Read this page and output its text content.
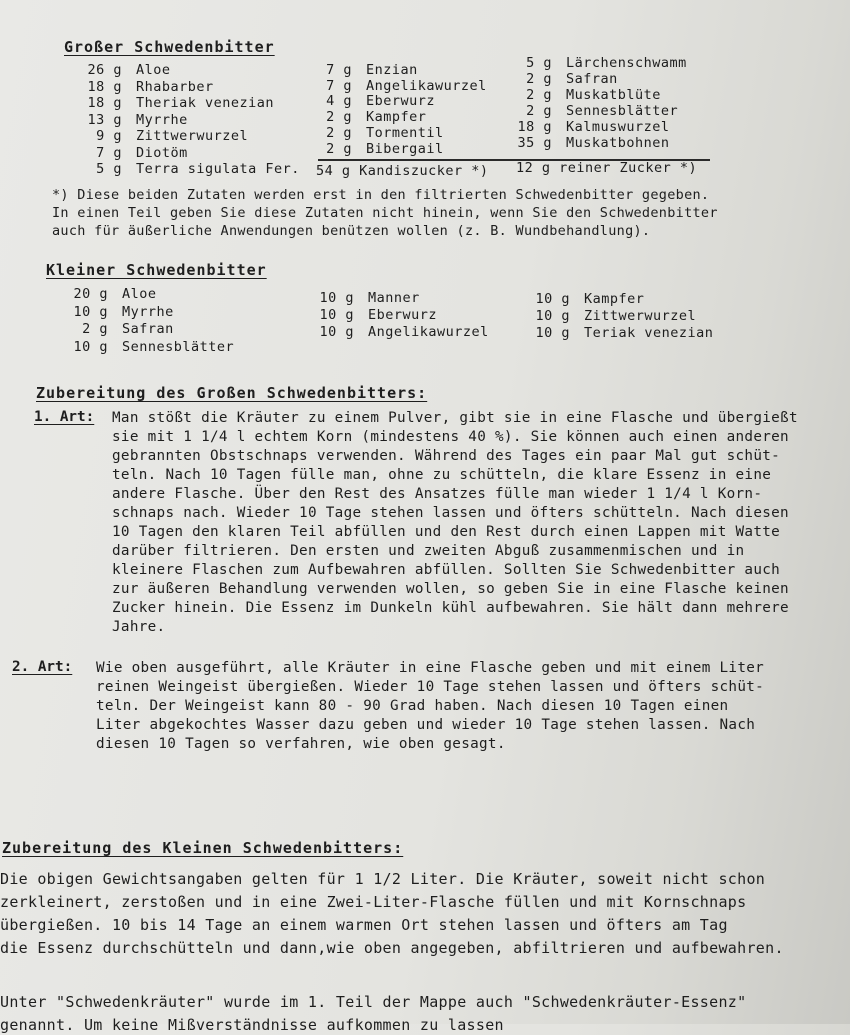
Großer Schwedenbitter
26 g Aloe
18 g Rhabarber
18 g Theriak venezian
13 g Myrrhe
9 g Zittwerwurzel
7 g Diotöm
5 g Terra sigulata Fer.
7 g Enzian
7 g Angelikawurzel
4 g Eberwurz
2 g Kampfer
2 g Tormentil
2 g Bibergail
5 g Lärchenschwamm
2 g Safran
2 g Muskatblüte
2 g Sennesblätter
18 g Kalmuswurzel
35 g Muskatbohnen
54 g Kandiszucker *) 12 g reiner Zucker *)
*) Diese beiden Zutaten werden erst in den filtrierten Schwedenbitter gegeben.
In einen Teil geben Sie diese Zutaten nicht hinein, wenn Sie den Schwedenbitter
auch für äußerliche Anwendungen benützen wollen (z. B. Wundbehandlung).
Kleiner Schwedenbitter
20 g Aloe
10 g Myrrhe
2 g Safran
10 g Sennesblätter
10 g Manner
10 g Eberwurz
10 g Angelikawurzel
10 g Kampfer
10 g Zittwerwurzel
10 g Teriak venezian
Zubereitung des Großen Schwedenbitters:
1. Art: Man stößt die Kräuter zu einem Pulver, gibt sie in eine Flasche und übergießt
sie mit 1 1/4 l echtem Korn (mindestens 40 %). Sie können auch einen anderen
gebrannten Obstschnaps verwenden. Während des Tages ein paar Mal gut schüt-
teln. Nach 10 Tagen fülle man, ohne zu schütteln, die klare Essenz in eine
andere Flasche. Über den Rest des Ansatzes fülle man wieder 1 1/4 l Korn-
schnaps nach. Wieder 10 Tage stehen lassen und öfters schütteln. Nach diesen
10 Tagen den klaren Teil abfüllen und den Rest durch einen Lappen mit Watte
darüber filtrieren. Den ersten und zweiten Abguß zusammenmischen und in
kleinere Flaschen zum Aufbewahren abfüllen. Sollten Sie Schwedenbitter auch
zur äußeren Behandlung verwenden wollen, so geben Sie in eine Flasche keinen
Zucker hinein. Die Essenz im Dunkeln kühl aufbewahren. Sie hält dann mehrere
Jahre.
2. Art: Wie oben ausgeführt, alle Kräuter in eine Flasche geben und mit einem Liter
reinen Weingeist übergießen. Wieder 10 Tage stehen lassen und öfters schüt-
teln. Der Weingeist kann 80 - 90 Grad haben. Nach diesen 10 Tagen einen
Liter abgekochtes Wasser dazu geben und wieder 10 Tage stehen lassen. Nach
diesen 10 Tagen so verfahren, wie oben gesagt.
Zubereitung des Kleinen Schwedenbitters:
Die obigen Gewichtsangaben gelten für 1 1/2 Liter. Die Kräuter, soweit nicht schon
zerkleinert, zerstoßen und in eine Zwei-Liter-Flasche füllen und mit Kornschnaps
übergießen. 10 bis 14 Tage an einem warmen Ort stehen lassen und öfters am Tag
die Essenz durchschütteln und dann,wie oben angegeben, abfiltrieren und aufbewahren.
Unter "Schwedenkräuter" wurde im 1. Teil der Mappe auch "Schwedenkräuter-Essenz"
genannt. Um keine Mißverständnisse aufkommen zu lassen
